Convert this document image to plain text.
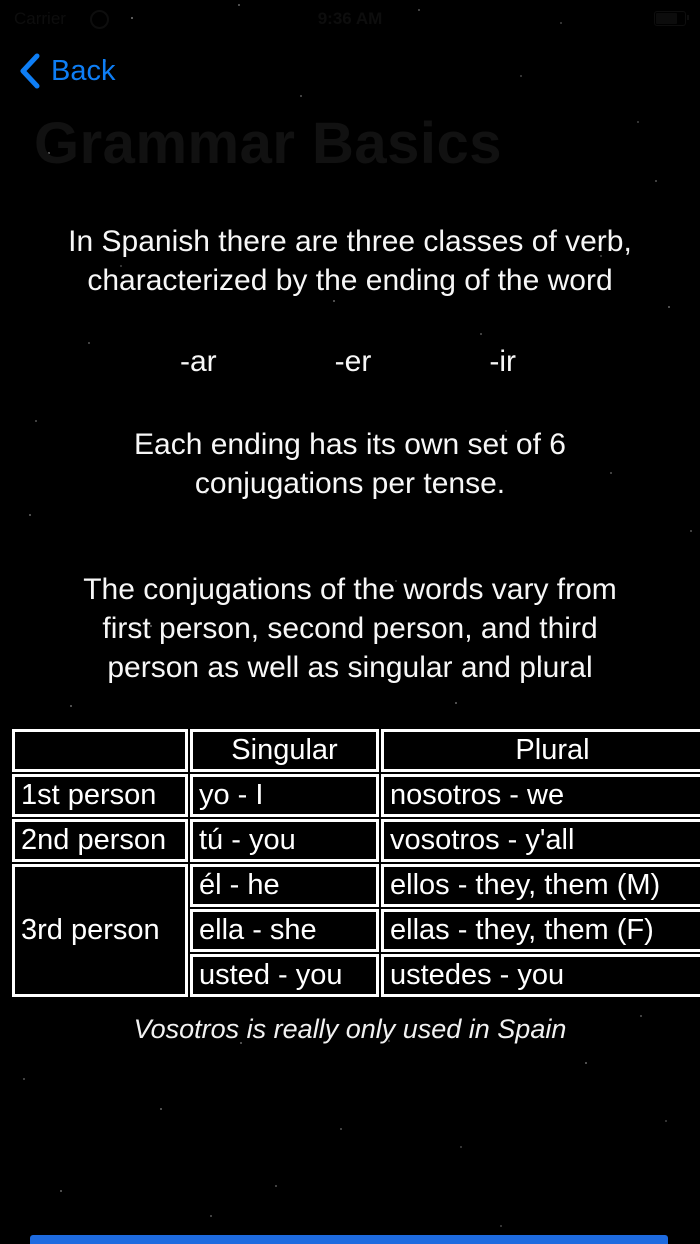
Carrier	9:36 AM
Back
Grammar Basics
In Spanish there are three classes of verb,
characterized by the ending of the word
-ar	-er	-ir
Each ending has its own set of 6
conjugations per tense.
The conjugations of the words vary from
first person, second person, and third
person as well as singular and plural
	Singular	Plural
1st person	yo - I	nosotros - we
2nd person	tú - you	vosotros - y'all
3rd person	él - he	ellos - they, them (M)
	ella - she	ellas - they, them (F)
	usted - you	ustedes - you
Vosotros is really only used in Spain
